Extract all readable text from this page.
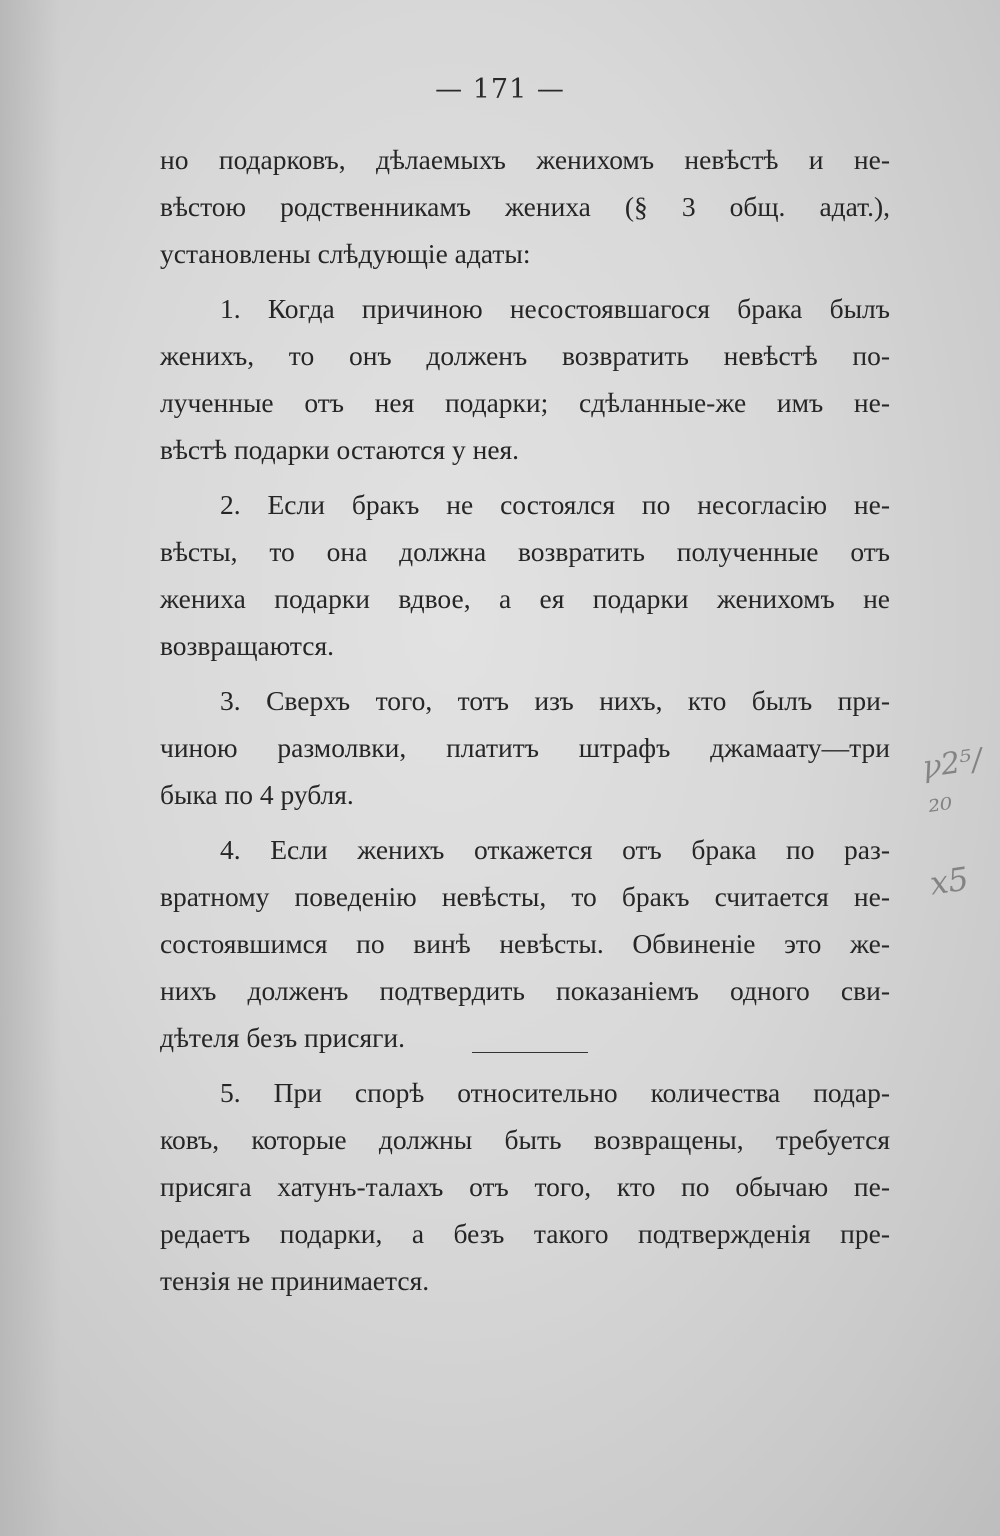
— 171 —
но подарковъ, дѣлаемыхъ женихомъ невѣстѣ и не-
вѣстою родственникамъ жениха (§ 3 общ. адат.),
установлены слѣдующіе адаты:
1. Когда причиною несостоявшагося брака былъ
женихъ, то онъ долженъ возвратить невѣстѣ по-
лученные отъ нея подарки; сдѣланные-же имъ не-
вѣстѣ подарки остаются у нея.
2. Если бракъ не состоялся по несогласію не-
вѣсты, то она должна возвратить полученные отъ
жениха подарки вдвое, а ея подарки женихомъ не
возвращаются.
3. Сверхъ того, тотъ изъ нихъ, кто былъ при-
чиною размолвки, платитъ штрафъ джамаату—три
быка по 4 рубля.
4. Если женихъ откажется отъ брака по раз-
вратному поведенію невѣсты, то бракъ считается не-
состоявшимся по винѣ невѣсты. Обвиненіе это же-
нихъ долженъ подтвердить показаніемъ одного сви-
дѣтеля безъ присяги.
5. При спорѣ относительно количества подар-
ковъ, которые должны быть возвращены, требуется
присяга хатунъ-талахъ отъ того, кто по обычаю пе-
редаетъ подарки, а безъ такого подтвержденія пре-
тензія не принимается.
ꝩ2⁵/₂₀
x5
